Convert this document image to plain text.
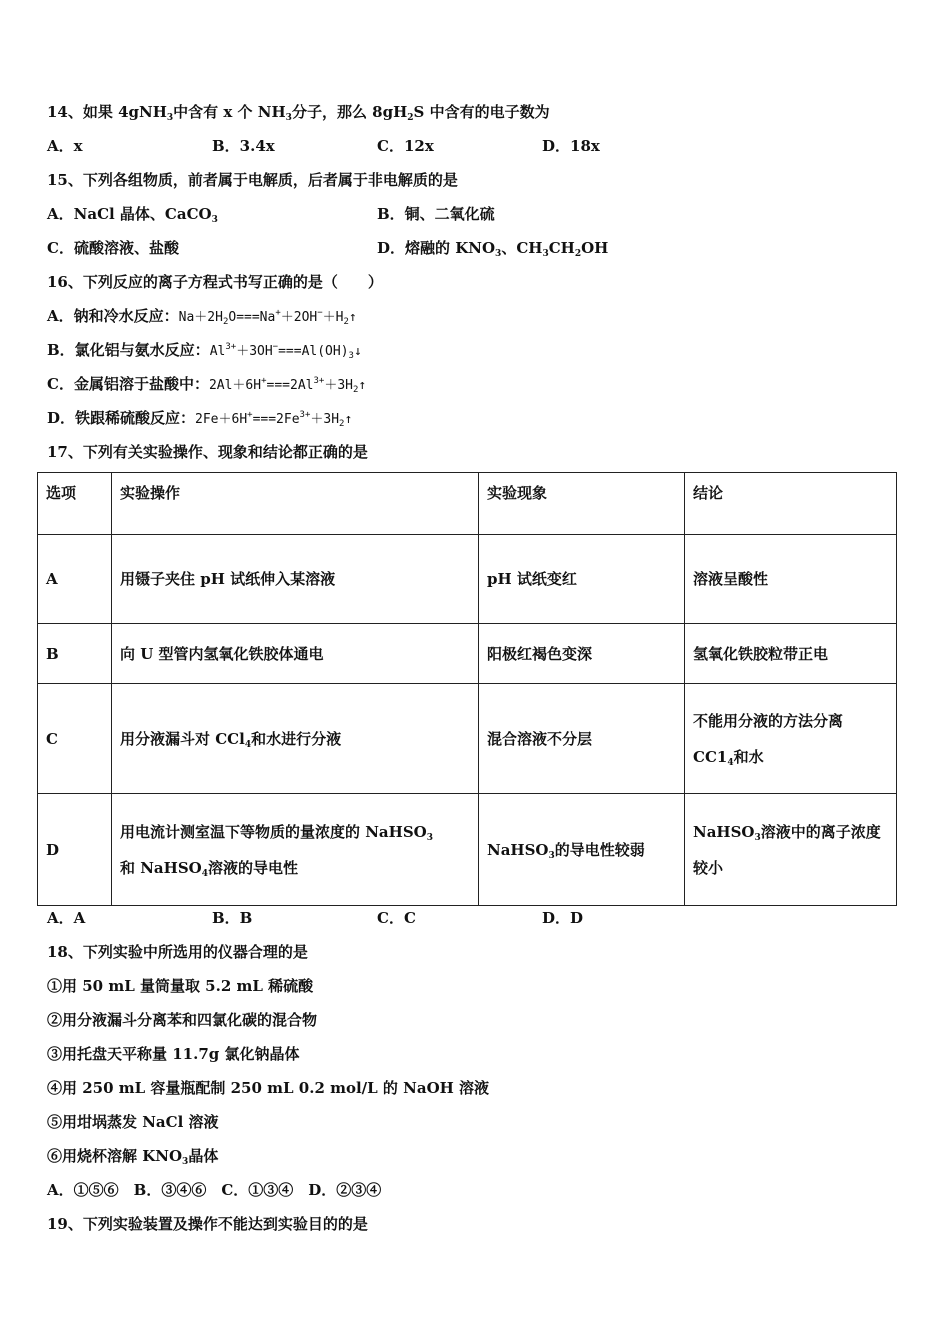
14、如果 4gNH$_3$中含有 x 个 $NH_3$分子，那么 $8gH_2S$ 中含有的电子数为
A．x	B．3.4x	C．12x	D．18x
15、下列各组物质，前者属于电解质，后者属于非电解质的是
A．NaCl 晶体、CaCO$_3$	B．铜、二氧化硫
C．硫酸溶液、盐酸	D．熔融的 $KNO_3$、$CH_3CH_2OH$
16、下列反应的离子方程式书写正确的是（　　）
A．钠和冷水反应：$Na+2H_2O===Na^++2OH^-+H_2↑$
B．氯化铝与氨水反应：$Al^{3+}+3OH^-===Al(OH)_3↓$
C．金属铝溶于盐酸中：$2Al+6H^+===2Al^{3+}+3H_2↑$
D．铁跟稀硫酸反应：$2Fe+6H^+===2Fe^{3+}+3H_2↑$
17、下列有关实验操作、现象和结论都正确的是
选项	实验操作	实验现象	结论
A	用镊子夹住 pH 试纸伸入某溶液	pH 试纸变红	溶液呈酸性
B	向 U 型管内氢氧化铁胶体通电	阳极红褐色变深	氢氧化铁胶粒带正电
C	用分液漏斗对 CCl$_4$和水进行分液	混合溶液不分层	不能用分液的方法分离
$CC1_4$和水
D	用电流计测室温下等物质的量浓度的 NaHSO$_3$
和 NaHSO$_4$溶液的导电性	NaHSO$_3$的导电性较弱	NaHSO$_3$溶液中的离子浓度
较小
A．A	B．B	C．C	D．D
18、下列实验中所选用的仪器合理的是
①用 50 mL 量筒量取 5.2 mL 稀硫酸
②用分液漏斗分离苯和四氯化碳的混合物
③用托盘天平称量 11.7g 氯化钠晶体
④用 250 mL 容量瓶配制 250 mL 0.2 mol/L 的 NaOH 溶液
⑤用坩埚蒸发 NaCl 溶液
⑥用烧杯溶解 $KNO_3$晶体
A．①⑤⑥　B．③④⑥　C．①③④　D．②③④
19、下列实验装置及操作不能达到实验目的的是
